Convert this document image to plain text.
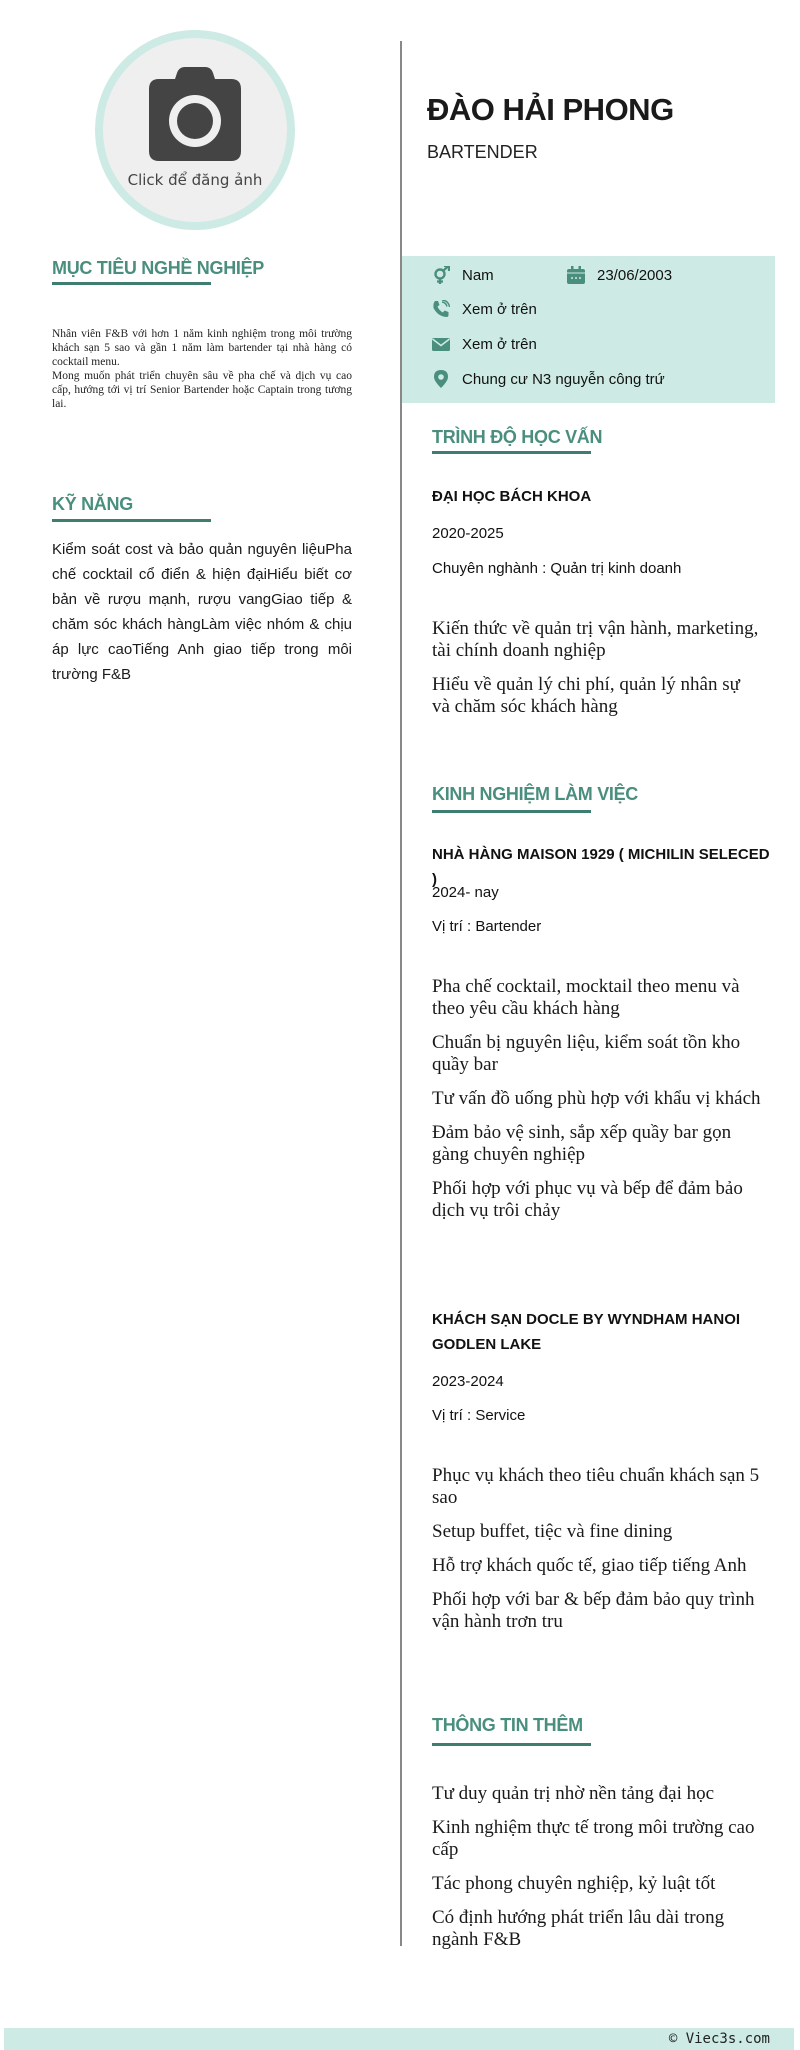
Click để đăng ảnh
ĐÀO HẢI PHONG
BARTENDER
Nam	23/06/2003
Xem ở trên
Xem ở trên
Chung cư N3 nguyễn công trứ
MỤC TIÊU NGHỀ NGHIỆP
Nhân viên F&B với hơn 1 năm kinh nghiệm trong môi trường khách sạn 5 sao và gần 1 năm làm bartender tại nhà hàng có cocktail menu.
Mong muốn phát triển chuyên sâu về pha chế và dịch vụ cao cấp, hướng tới vị trí Senior Bartender hoặc Captain trong tương lai.
KỸ NĂNG
Kiểm soát cost và bảo quản nguyên liệuPha chế cocktail cổ điển & hiện đạiHiểu biết cơ bản về rượu mạnh, rượu vangGiao tiếp & chăm sóc khách hàngLàm việc nhóm & chịu áp lực caoTiếng Anh giao tiếp trong môi trường F&B
TRÌNH ĐỘ HỌC VẤN
ĐẠI HỌC BÁCH KHOA
2020-2025
Chuyên nghành : Quản trị kinh doanh
Kiến thức về quản trị vận hành, marketing, tài chính doanh nghiệp
Hiểu về quản lý chi phí, quản lý nhân sự và chăm sóc khách hàng
KINH NGHIỆM LÀM VIỆC
NHÀ HÀNG MAISON 1929 ( MICHILIN SELECED )
2024- nay
Vị trí : Bartender
Pha chế cocktail, mocktail theo menu và theo yêu cầu khách hàng
Chuẩn bị nguyên liệu, kiểm soát tồn kho quầy bar
Tư vấn đồ uống phù hợp với khẩu vị khách
Đảm bảo vệ sinh, sắp xếp quầy bar gọn gàng chuyên nghiệp
Phối hợp với phục vụ và bếp để đảm bảo dịch vụ trôi chảy
KHÁCH SẠN DOCLE BY WYNDHAM HANOI GODLEN LAKE
2023-2024
Vị trí : Service
Phục vụ khách theo tiêu chuẩn khách sạn 5 sao
Setup buffet, tiệc và fine dining
Hỗ trợ khách quốc tế, giao tiếp tiếng Anh
Phối hợp với bar & bếp đảm bảo quy trình vận hành trơn tru
THÔNG TIN THÊM
Tư duy quản trị nhờ nền tảng đại học
Kinh nghiệm thực tế trong môi trường cao cấp
Tác phong chuyên nghiệp, kỷ luật tốt
Có định hướng phát triển lâu dài trong ngành F&B
© Viec3s.com
